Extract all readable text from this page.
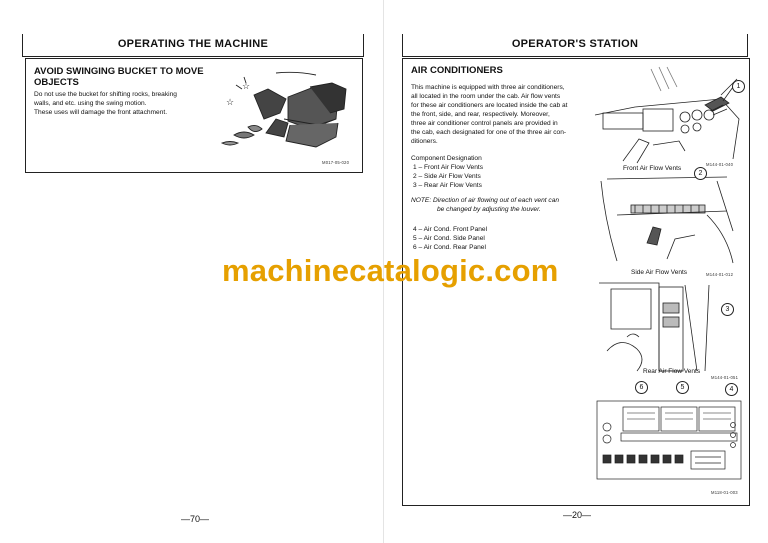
OPERATING THE MACHINE
AVOID SWINGING BUCKET TO MOVE
OBJECTS
Do not use the bucket for shifting rocks, breaking
walls, and etc. using the swing motion.
These uses will damage the front attachment.
☆
☆
M017-05-020
—70—
OPERATOR'S STATION
AIR CONDITIONERS
This machine is equipped with three air conditioners,
all located in the room under the cab. Air flow vents
for these air conditioners are located inside the cab at
the front, side, and rear, respectively. Moreover,
three air conditioner control panels are provided in
the cab, each designated for one of the three air con-
ditioners.
Component Designation
1 – Front Air Flow Vents
2 – Side Air Flow Vents
3 – Rear Air Flow Vents
NOTE: Direction of air flowing out of each vent can
be changed by adjusting the louver.
4 – Air Cond. Front Panel
5 – Air Cond. Side Panel
6 – Air Cond. Rear Panel
1
Front Air Flow Vents
M144-01-040
2
Side Air Flow Vents	M144-01-012
3
Rear Air Flow Vents
M144-01-051
6	5	4
M118-01-003
—20—
machinecatalogic.com
